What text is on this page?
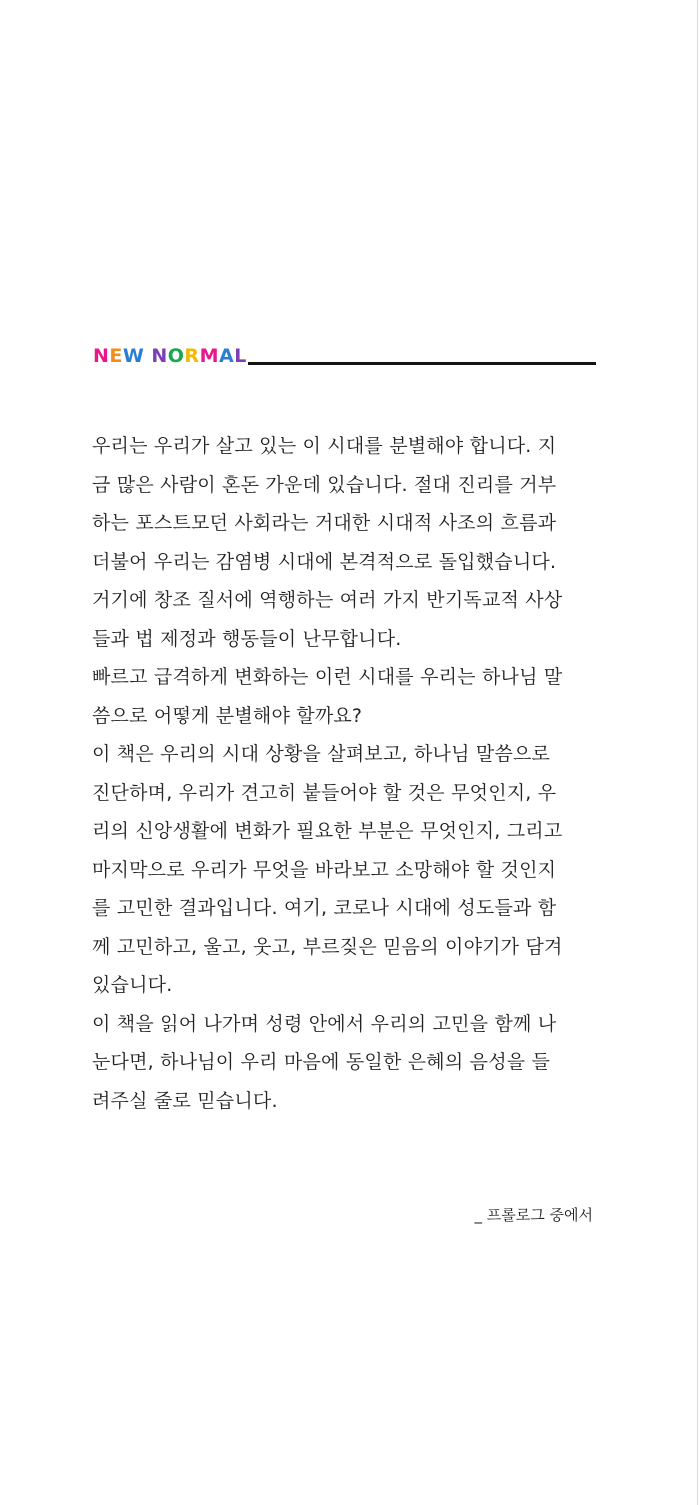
N E W N O R M A L
우리는 우리가 살고 있는 이 시대를 분별해야 합니다. 지
금 많은 사람이 혼돈 가운데 있습니다. 절대 진리를 거부
하는 포스트모던 사회라는 거대한 시대적 사조의 흐름과
더불어 우리는 감염병 시대에 본격적으로 돌입했습니다.
거기에 창조 질서에 역행하는 여러 가지 반기독교적 사상
들과 법 제정과 행동들이 난무합니다.
빠르고 급격하게 변화하는 이런 시대를 우리는 하나님 말
씀으로 어떻게 분별해야 할까요?
이 책은 우리의 시대 상황을 살펴보고, 하나님 말씀으로
진단하며, 우리가 견고히 붙들어야 할 것은 무엇인지, 우
리의 신앙생활에 변화가 필요한 부분은 무엇인지, 그리고
마지막으로 우리가 무엇을 바라보고 소망해야 할 것인지
를 고민한 결과입니다. 여기, 코로나 시대에 성도들과 함
께 고민하고, 울고, 웃고, 부르짖은 믿음의 이야기가 담겨
있습니다.
이 책을 읽어 나가며 성령 안에서 우리의 고민을 함께 나
눈다면, 하나님이 우리 마음에 동일한 은혜의 음성을 들
려주실 줄로 믿습니다.
_ 프롤로그 중에서
